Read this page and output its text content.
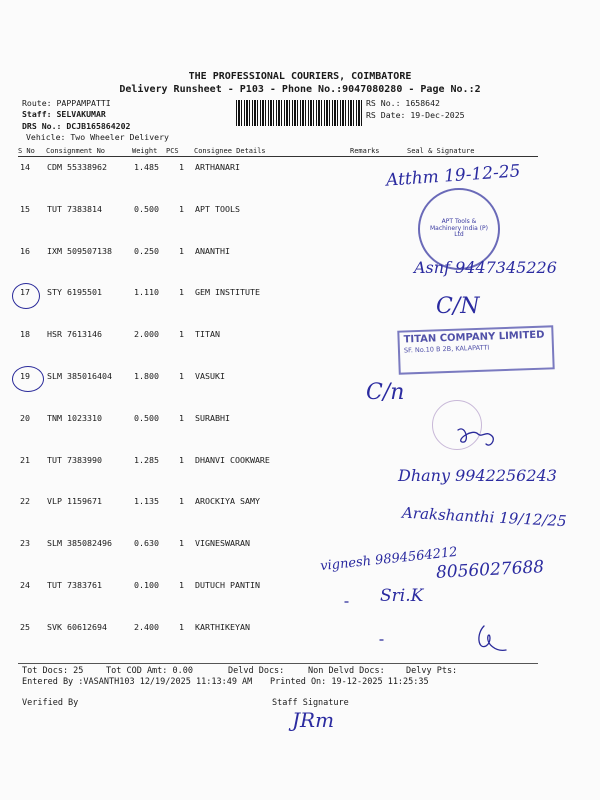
THE PROFESSIONAL COURIERS, COIMBATORE
Delivery Runsheet - P103 - Phone No.:9047080280 - Page No.:2
Route: PAPPAMPATTI
Staff: SELVAKUMAR
DRS No.: DCJB165864202
Vehicle: Two Wheeler Delivery
RS No.: 1658642
RS Date: 19-Dec-2025
S No Consignment No	Weight PCS Consignee Details	Remarks	Seal & Signature
14 CDM 55338962	1.485 1 ARTHANARI
15 TUT 7383814	0.500 1 APT TOOLS
16 IXM 509507138	0.250 1 ANANTHI
17 STY 6195501	1.110 1 GEM INSTITUTE
18 HSR 7613146	2.000 1 TITAN
19 SLM 385016404	1.800 1 VASUKI
20 TNM 1023310	0.500 1 SURABHI
21 TUT 7383990	1.285 1 DHANVI COOKWARE
22 VLP 1159671	1.135 1 AROCKIYA SAMY
23 SLM 385082496	0.630 1 VIGNESWARAN
24 TUT 7383761	0.100 1 DUTUCH PANTIN
25 SVK 60612694	2.400 1 KARTHIKEYAN
APT Tools & Machinery India (P) Ltd
TITAN COMPANY LIMITED
SF. No.10 B 2B, KALAPATTI
Atthm 19-12-25
Asnf 9447345226
C/N
C/n
Dhany 9942256243
Arakshanthi 19/12/25
vignesh 9894564212
8056027688
Sri.K
Tot Docs: 25	Tot COD Amt: 0.00	Delvd Docs:	Non Delvd Docs: Delvy Pts:
Entered By :VASANTH103 12/19/2025 11:13:49 AM Printed On: 19-12-2025 11:25:35
Verified By	Staff Signature
JRm
